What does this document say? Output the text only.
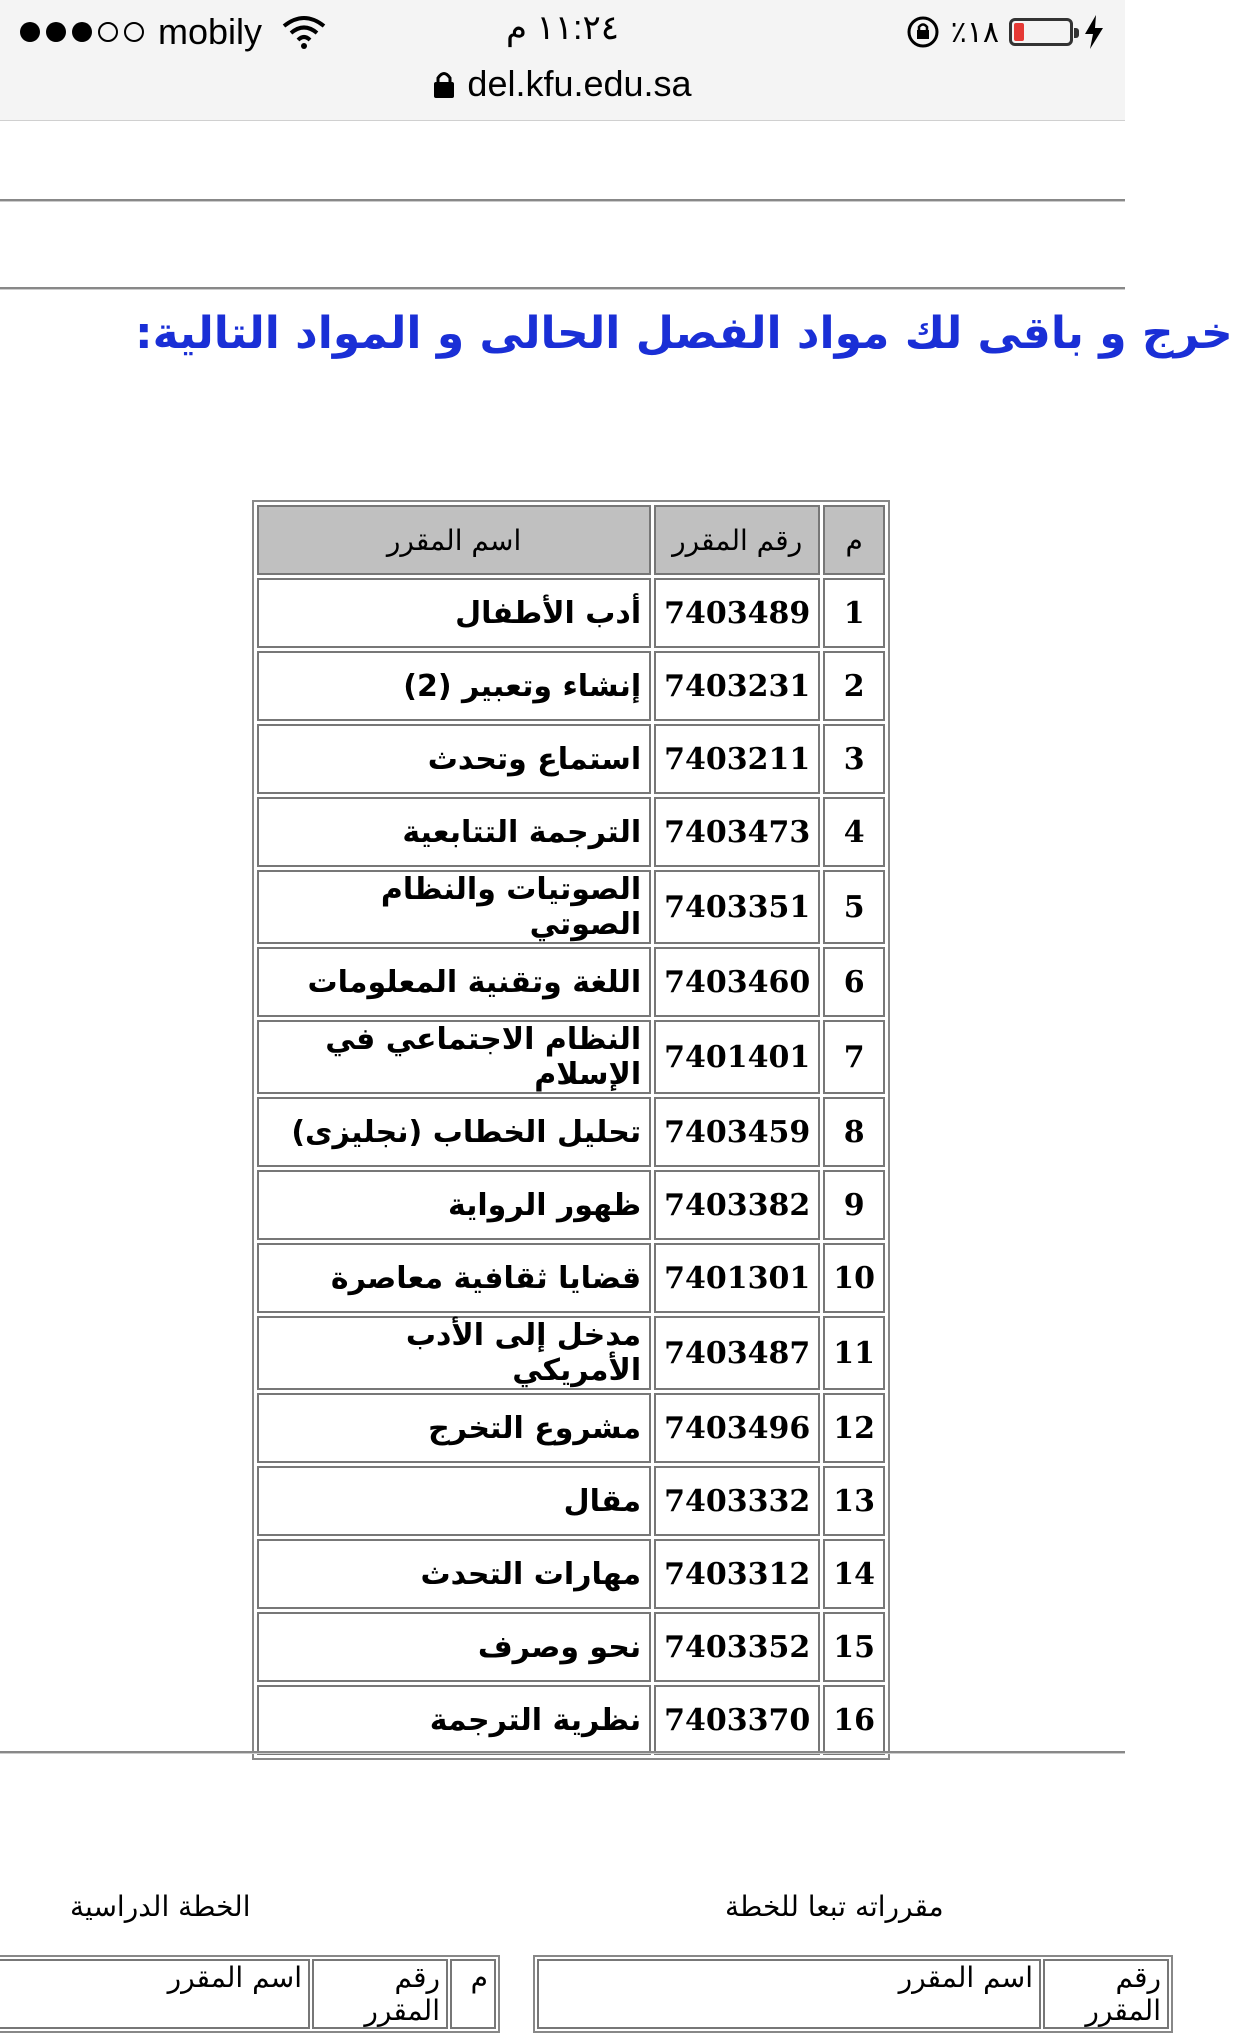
mobily	١١:٢٤ م	٪١٨
del.kfu.edu.sa
خرج و باقى لك مواد الفصل الحالى و المواد التالية:
م	رقم المقرر	اسم المقرر
1	7403489	أدب الأطفال
2	7403231	إنشاء وتعبير (2)
3	7403211	استماع وتحدث
4	7403473	الترجمة التتابعية
5	7403351	الصوتيات والنظام الصوتي
6	7403460	اللغة وتقنية المعلومات
7	7401401	النظام الاجتماعي في الإسلام
8	7403459	تحليل الخطاب (نجليزى)
9	7403382	ظهور الرواية
10	7401301	قضايا ثقافية معاصرة
11	7403487	مدخل إلى الأدب الأمريكي
12	7403496	مشروع التخرج
13	7403332	مقال
14	7403312	مهارات التحدث
15	7403352	نحو وصرف
16	7403370	نظرية الترجمة
الخطة الدراسية	مقرراته تبعا للخطة
م	رقم المقرر	اسم المقرر	رقم المقرر	اسم المقرر
